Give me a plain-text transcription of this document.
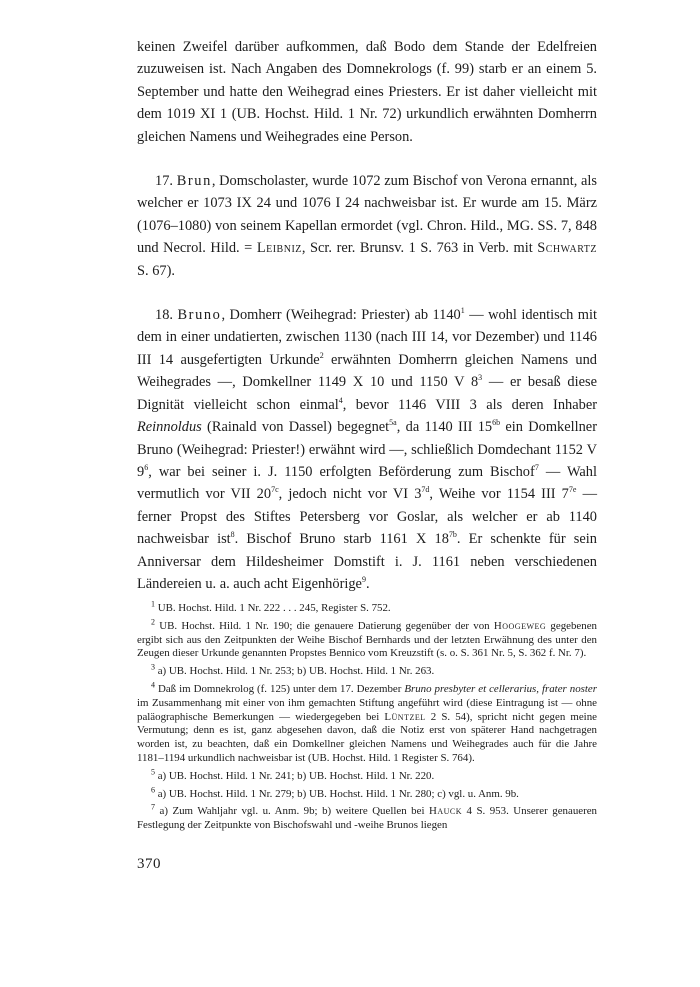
keinen Zweifel darüber aufkommen, daß Bodo dem Stande der Edelfreien zuzuweisen ist. Nach Angaben des Domnekrologs (f. 99) starb er an einem 5. September und hatte den Weihegrad eines Priesters. Er ist daher vielleicht mit dem 1019 XI 1 (UB. Hochst. Hild. 1 Nr. 72) urkundlich erwähnten Domherrn gleichen Namens und Weihegrades eine Person.

17. Brun, Domscholaster, wurde 1072 zum Bischof von Verona ernannt, als welcher er 1073 IX 24 und 1076 I 24 nachweisbar ist. Er wurde am 15. März (1076–1080) von seinem Kapellan ermordet (vgl. Chron. Hild., MG. SS. 7, 848 und Necrol. Hild. = Leibniz, Scr. rer. Brunsv. 1 S. 763 in Verb. mit Schwartz S. 67).

18. Bruno, Domherr (Weihegrad: Priester) ab 1140$^1$ — wohl identisch mit dem in einer undatierten, zwischen 1130 (nach III 14, vor Dezember) und 1146 III 14 ausgefertigten Urkunde$^2$ erwähnten Domherrn gleichen Namens und Weihegrades —, Domkellner 1149 X 10 und 1150 V $8^3$ — er besaß diese Dignität vielleicht schon einmal$^4$, bevor 1146 VIII 3 als deren Inhaber Reinnoldus (Rainald von Dassel) begegnet$^{5a}$, da 1140 III $15^{6b}$ ein Domkellner Bruno (Weihegrad: Priester!) erwähnt wird —, schließlich Domdechant 1152 V $9^6$, war bei seiner i. J. 1150 erfolgten Beförderung zum Bischof$^7$ — Wahl vermutlich vor VII $20^{7c}$, jedoch nicht vor VI $3^{7d}$, Weihe vor 1154 III $7^{7e}$ — ferner Propst des Stiftes Petersberg vor Goslar, als welcher er ab 1140 nachweisbar ist$^8$. Bischof Bruno starb 1161 X $18^{7b}$. Er schenkte für sein Anniversar dem Hildesheimer Domstift i. J. 1161 neben verschiedenen Ländereien u. a. auch acht Eigenhörige$^9$.

$^1$ UB. Hochst. Hild. 1 Nr. 222 . . . 245, Register S. 752.

$^2$ UB. Hochst. Hild. 1 Nr. 190; die genauere Datierung gegenüber der von Hoogeweg gegebenen ergibt sich aus den Zeitpunkten der Weihe Bischof Bernhards und der letzten Erwähnung des unter den Zeugen dieser Urkunde genannten Propstes Bennico vom Kreuzstift (s. o. S. 361 Nr. 5, S. 362 f. Nr. 7).

$^3$ a) UB. Hochst. Hild. 1 Nr. 253; b) UB. Hochst. Hild. 1 Nr. 263.

$^4$ Daß im Domnekrolog (f. 125) unter dem 17. Dezember Bruno presbyter et cellerarius, frater noster im Zusammenhang mit einer von ihm gemachten Stiftung angeführt wird (diese Eintragung ist — ohne paläographische Bemerkungen — wiedergegeben bei Lüntzel 2 S. 54), spricht nicht gegen meine Vermutung; denn es ist, ganz abgesehen davon, daß die Notiz erst von späterer Hand nachgetragen worden ist, zu beachten, daß ein Domkellner gleichen Namens und Weihegrades auch für die Jahre 1181–1194 urkundlich nachweisbar ist (UB. Hochst. Hild. 1 Register S. 764).

$^5$ a) UB. Hochst. Hild. 1 Nr. 241; b) UB. Hochst. Hild. 1 Nr. 220.

$^6$ a) UB. Hochst. Hild. 1 Nr. 279; b) UB. Hochst. Hild. 1 Nr. 280; c) vgl. u. Anm. 9b.

$^7$ a) Zum Wahljahr vgl. u. Anm. 9b; b) weitere Quellen bei Hauck 4 S. 953. Unserer genaueren Festlegung der Zeitpunkte von Bischofswahl und -weihe Brunos liegen

370
